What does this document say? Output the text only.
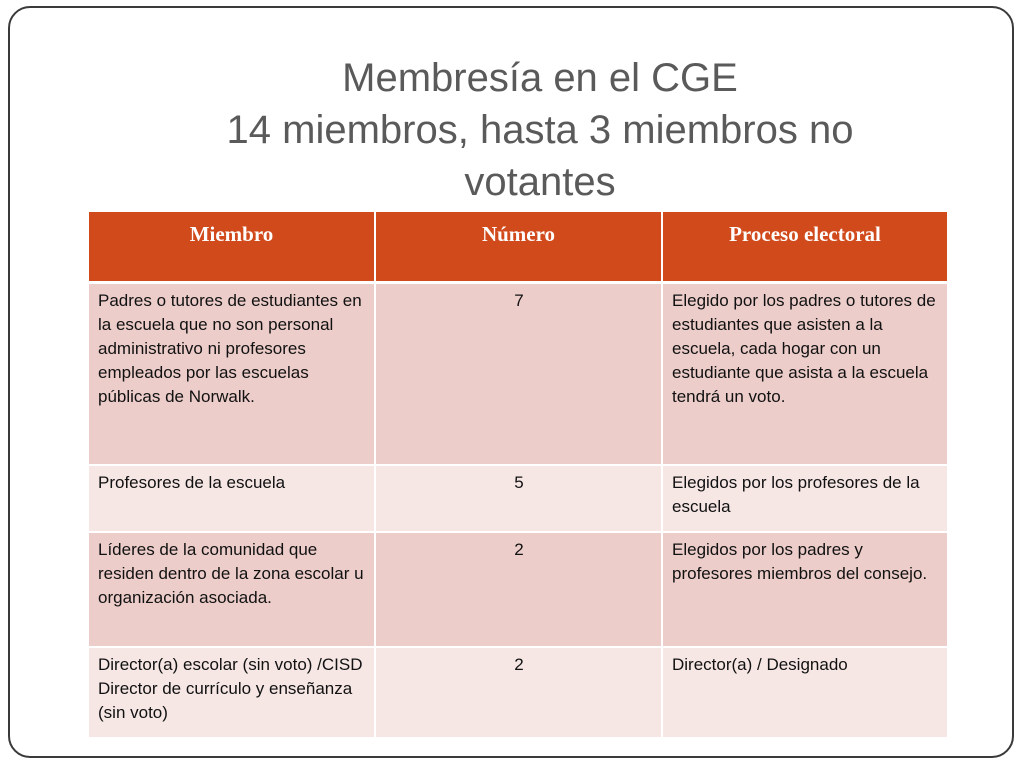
Membresía en el CGE
14 miembros, hasta 3 miembros no
votantes
Miembro	Número	Proceso electoral
Padres o tutores de estudiantes en la escuela que no son personal administrativo ni profesores empleados por las escuelas públicas de Norwalk.	7	Elegido por los padres o tutores de estudiantes que asisten a la escuela, cada hogar con un estudiante que asista a la escuela tendrá un voto.
Profesores de la escuela	5	Elegidos por los profesores de la escuela
Líderes de la comunidad que residen dentro de la zona escolar u organización asociada.	2	Elegidos por los padres y profesores miembros del consejo.
Director(a) escolar (sin voto) /CISD Director de currículo y enseñanza (sin voto)	2	Director(a) / Designado
